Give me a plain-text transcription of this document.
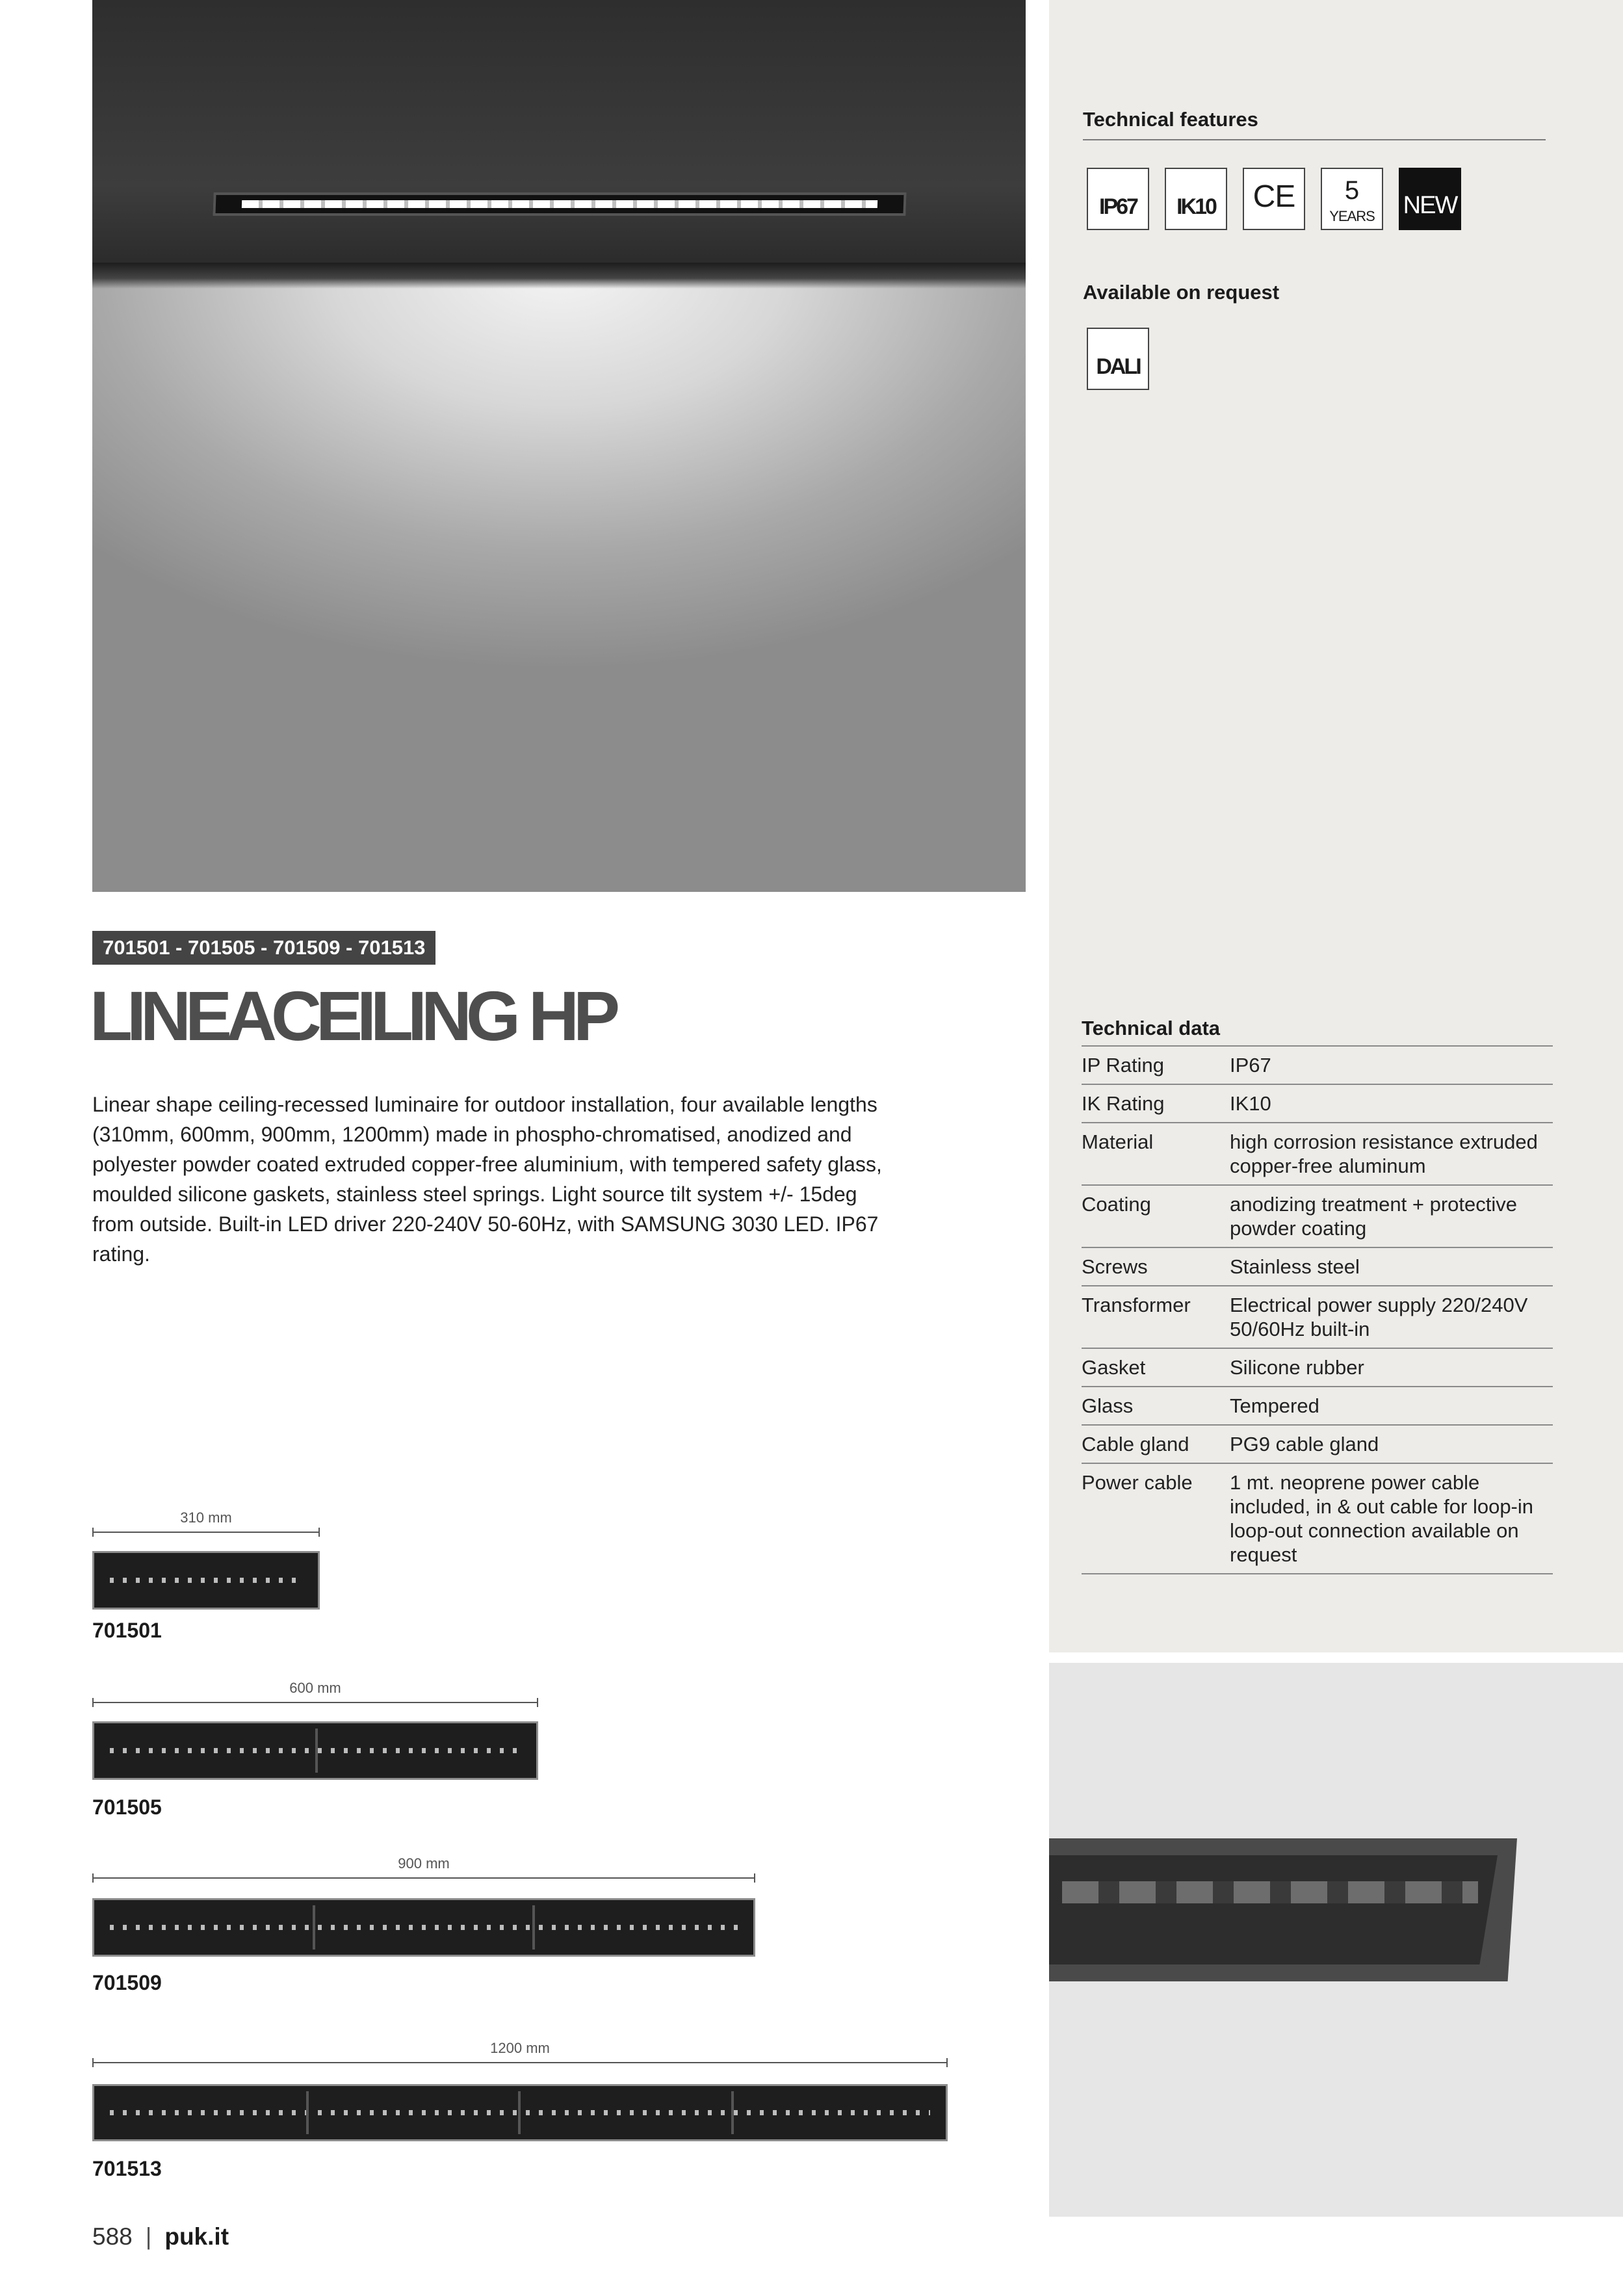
Technical features
IP67	IK10	CE	5
YEARS NEW
Available on request
DALI
Technical data
IP Rating	IP67
IK Rating	IK10
Material	high corrosion resistance extruded copper-free aluminum
Coating	anodizing treatment + protective powder coating
Screws	Stainless steel
Transformer	Electrical power supply 220/240V 50/60Hz built-in
Gasket	Silicone rubber
Glass	Tempered
Cable gland	PG9 cable gland
Power cable	1 mt. neoprene power cable included, in & out cable for loop-in loop-out connection available on request
701501 - 701505 - 701509 - 701513
LINEACEILING HP
Linear shape ceiling-recessed luminaire for outdoor installation, four available lengths (310mm, 600mm, 900mm, 1200mm) made in phospho-chromatised, anodized and polyester powder coated extruded copper-free aluminium, with tempered safety glass, moulded silicone gaskets, stainless steel springs. Light source tilt system +/- 15deg from outside. Built-in LED driver 220-240V 50-60Hz, with SAMSUNG 3030 LED. IP67 rating.
310 mm
701501
600 mm
701505
900 mm
701509
1200 mm
701513
588 | puk.it
